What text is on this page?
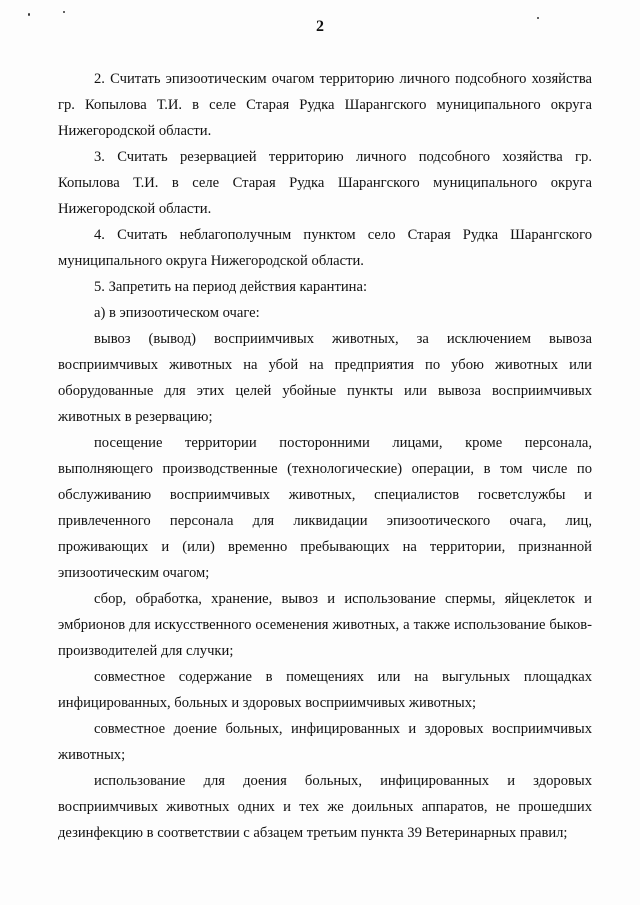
2

2. Считать эпизоотическим очагом территорию личного подсобного хозяйства гр. Копылова Т.И. в селе Старая Рудка Шарангского муниципального округа Нижегородской области.

3. Считать резервацией территорию личного подсобного хозяйства гр. Копылова Т.И. в селе Старая Рудка Шарангского муниципального округа Нижегородской области.

4. Считать неблагополучным пунктом село Старая Рудка Шарангского муниципального округа Нижегородской области.

5. Запретить на период действия карантина:

а) в эпизоотическом очаге:

вывоз (вывод) восприимчивых животных, за исключением вывоза восприимчивых животных на убой на предприятия по убою животных или оборудованные для этих целей убойные пункты или вывоза восприимчивых животных в резервацию;

посещение территории посторонними лицами, кроме персонала, выполняющего производственные (технологические) операции, в том числе по обслуживанию восприимчивых животных, специалистов госветслужбы и привлеченного персонала для ликвидации эпизоотического очага, лиц, проживающих и (или) временно пребывающих на территории, признанной эпизоотическим очагом;

сбор, обработка, хранение, вывоз и использование спермы, яйцеклеток и эмбрионов для искусственного осеменения животных, а также использование быков-производителей для случки;

совместное содержание в помещениях или на выгульных площадках инфицированных, больных и здоровых восприимчивых животных;

совместное доение больных, инфицированных и здоровых восприимчивых животных;

использование для доения больных, инфицированных и здоровых восприимчивых животных одних и тех же доильных аппаратов, не прошедших дезинфекцию в соответствии с абзацем третьим пункта 39 Ветеринарных правил;
